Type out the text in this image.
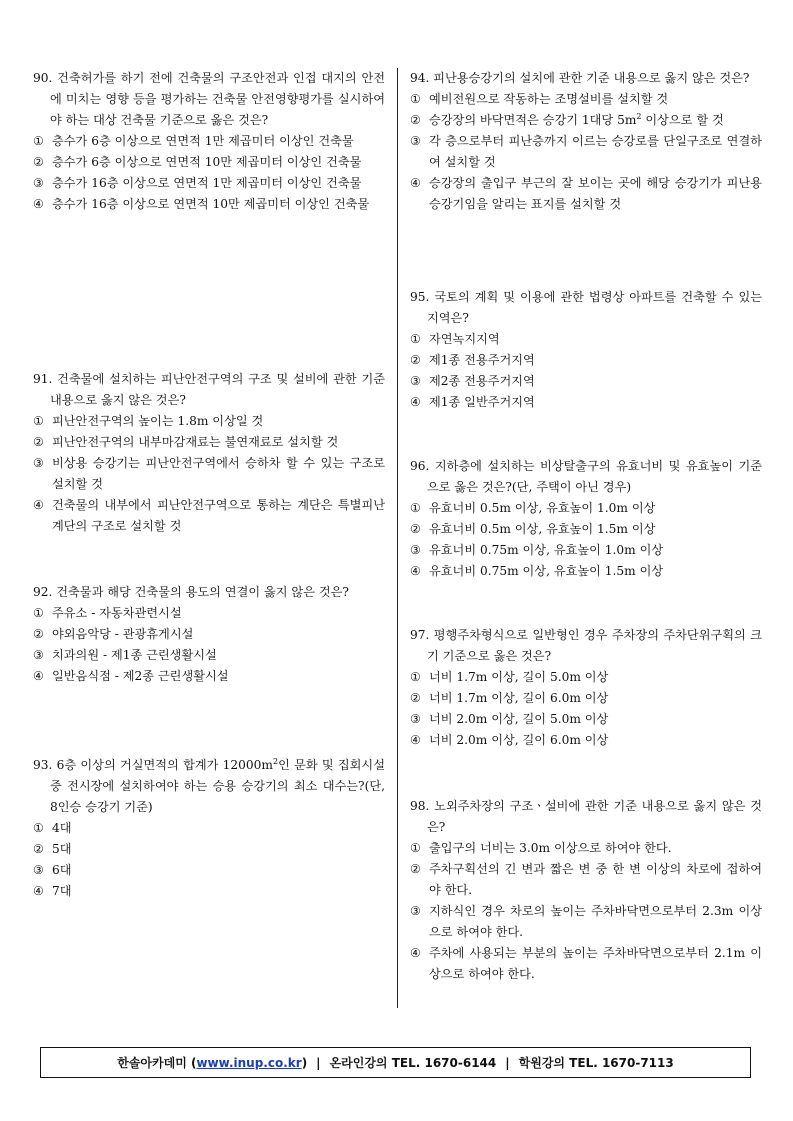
90. 건축허가를 하기 전에 건축물의 구조안전과 인접 대지의 안전에 미치는 영향 등을 평가하는 건축물 안전영향평가를 실시하여야 하는 대상 건축물 기준으로 옳은 것은?
① 층수가 6층 이상으로 연면적 1만 제곱미터 이상인 건축물
② 층수가 6층 이상으로 연면적 10만 제곱미터 이상인 건축물
③ 층수가 16층 이상으로 연면적 1만 제곱미터 이상인 건축물
④ 층수가 16층 이상으로 연면적 10만 제곱미터 이상인 건축물
91. 건축물에 설치하는 피난안전구역의 구조 및 설비에 관한 기준 내용으로 옳지 않은 것은?
① 피난안전구역의 높이는 1.8m 이상일 것
② 피난안전구역의 내부마감재료는 불연재료로 설치할 것
③ 비상용 승강기는 피난안전구역에서 승하차 할 수 있는 구조로 설치할 것
④ 건축물의 내부에서 피난안전구역으로 통하는 계단은 특별피난계단의 구조로 설치할 것
92. 건축물과 해당 건축물의 용도의 연결이 옳지 않은 것은?
① 주유소 - 자동차관련시설
② 야외음악당 - 관광휴게시설
③ 치과의원 - 제1종 근린생활시설
④ 일반음식점 - 제2종 근린생활시설
93. 6층 이상의 거실면적의 합계가 $12000m^2$인 문화 및 집회시설 중 전시장에 설치하여야 하는 승용 승강기의 최소 대수는?(단, 8인승 승강기 기준)
① 4대
② 5대
③ 6대
④ 7대
94. 피난용승강기의 설치에 관한 기준 내용으로 옳지 않은 것은?
① 예비전원으로 작동하는 조명설비를 설치할 것
② 승강장의 바닥면적은 승강기 1대당 $5m^2$ 이상으로 할 것
③ 각 층으로부터 피난층까지 이르는 승강로를 단일구조로 연결하여 설치할 것
④ 승강장의 출입구 부근의 잘 보이는 곳에 해당 승강기가 피난용승강기임을 알리는 표지를 설치할 것
95. 국토의 계획 및 이용에 관한 법령상 아파트를 건축할 수 있는 지역은?
① 자연녹지지역
② 제1종 전용주거지역
③ 제2종 전용주거지역
④ 제1종 일반주거지역
96. 지하층에 설치하는 비상탈출구의 유효너비 및 유효높이 기준으로 옳은 것은?(단, 주택이 아닌 경우)
① 유효너비 0.5m 이상, 유효높이 1.0m 이상
② 유효너비 0.5m 이상, 유효높이 1.5m 이상
③ 유효너비 0.75m 이상, 유효높이 1.0m 이상
④ 유효너비 0.75m 이상, 유효높이 1.5m 이상
97. 평행주차형식으로 일반형인 경우 주차장의 주차단위구획의 크기 기준으로 옳은 것은?
① 너비 1.7m 이상, 길이 5.0m 이상
② 너비 1.7m 이상, 길이 6.0m 이상
③ 너비 2.0m 이상, 길이 5.0m 이상
④ 너비 2.0m 이상, 길이 6.0m 이상
98. 노외주차장의 구조ㆍ설비에 관한 기준 내용으로 옳지 않은 것은?
① 출입구의 너비는 3.0m 이상으로 하여야 한다.
② 주차구획선의 긴 변과 짧은 변 중 한 변 이상의 차로에 접하여야 한다.
③ 지하식인 경우 차로의 높이는 주차바닥면으로부터 2.3m 이상으로 하여야 한다.
④ 주차에 사용되는 부분의 높이는 주차바닥면으로부터 2.1m 이상으로 하여야 한다.
한솔아카데미 ( www.inup.co.kr ) | 온라인강의 TEL. 1670-6144 | 학원강의 TEL. 1670-7113
